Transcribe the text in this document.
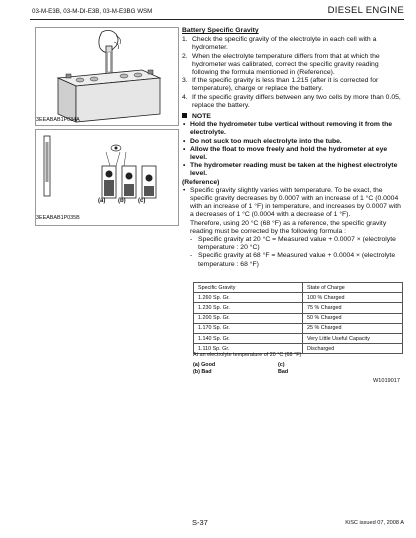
03-M-E3B, 03-M-DI-E3B, 03-M-E3BG WSM	DIESEL ENGINE
3EEABAB1P034A
(a) (b) (c)
3EEABAB1P035B
Battery Specific Gravity
1. Check the specific gravity of the electrolyte in each cell with a hydrometer.
2. When the electrolyte temperature differs from that at which the hydrometer was calibrated, correct the specific gravity reading following the formula mentioned in (Reference).
3. If the specific gravity is less than 1.215 (after it is corrected for temperature), charge or replace the battery.
4. If the specific gravity differs between any two cells by more than 0.05, replace the battery.
NOTE
• Hold the hydrometer tube vertical without removing it from the electrolyte.
• Do not suck too much electrolyte into the tube.
• Allow the float to move freely and hold the hydrometer at eye level.
• The hydrometer reading must be taken at the highest electrolyte level.
(Reference)
• Specific gravity slightly varies with temperature. To be exact, the specific gravity decreases by 0.0007 with an increase of 1 °C (0.0004 with an increase of 1 °F) in temperature, and increases by 0.0007 with a decreases of 1 °C (0.0004 with a decrease of 1 °F).
Therefore, using 20 °C (68 °F) as a reference, the specific gravity reading must be corrected by the following formula :
- Specific gravity at 20 °C = Measured value + 0.0007 × (electrolyte temperature : 20 °C)
- Specific gravity at 68 °F = Measured value + 0.0004 × (electrolyte temperature : 68 °F)
Specific Gravity	State of Charge
1.260 Sp. Gr.	100 % Charged
1.230 Sp. Gr.	75 % Charged
1.200 Sp. Gr.	50 % Charged
1.170 Sp. Gr.	25 % Charged
1.140 Sp. Gr.	Very Little Useful Capacity
1.110 Sp. Gr.	Discharged
At an electrolyte temperature of 20 °C (68 °F)
(a) Good
(b) Bad
(c) Bad
W1019017
S-37	KiSC issued 07, 2008 A
